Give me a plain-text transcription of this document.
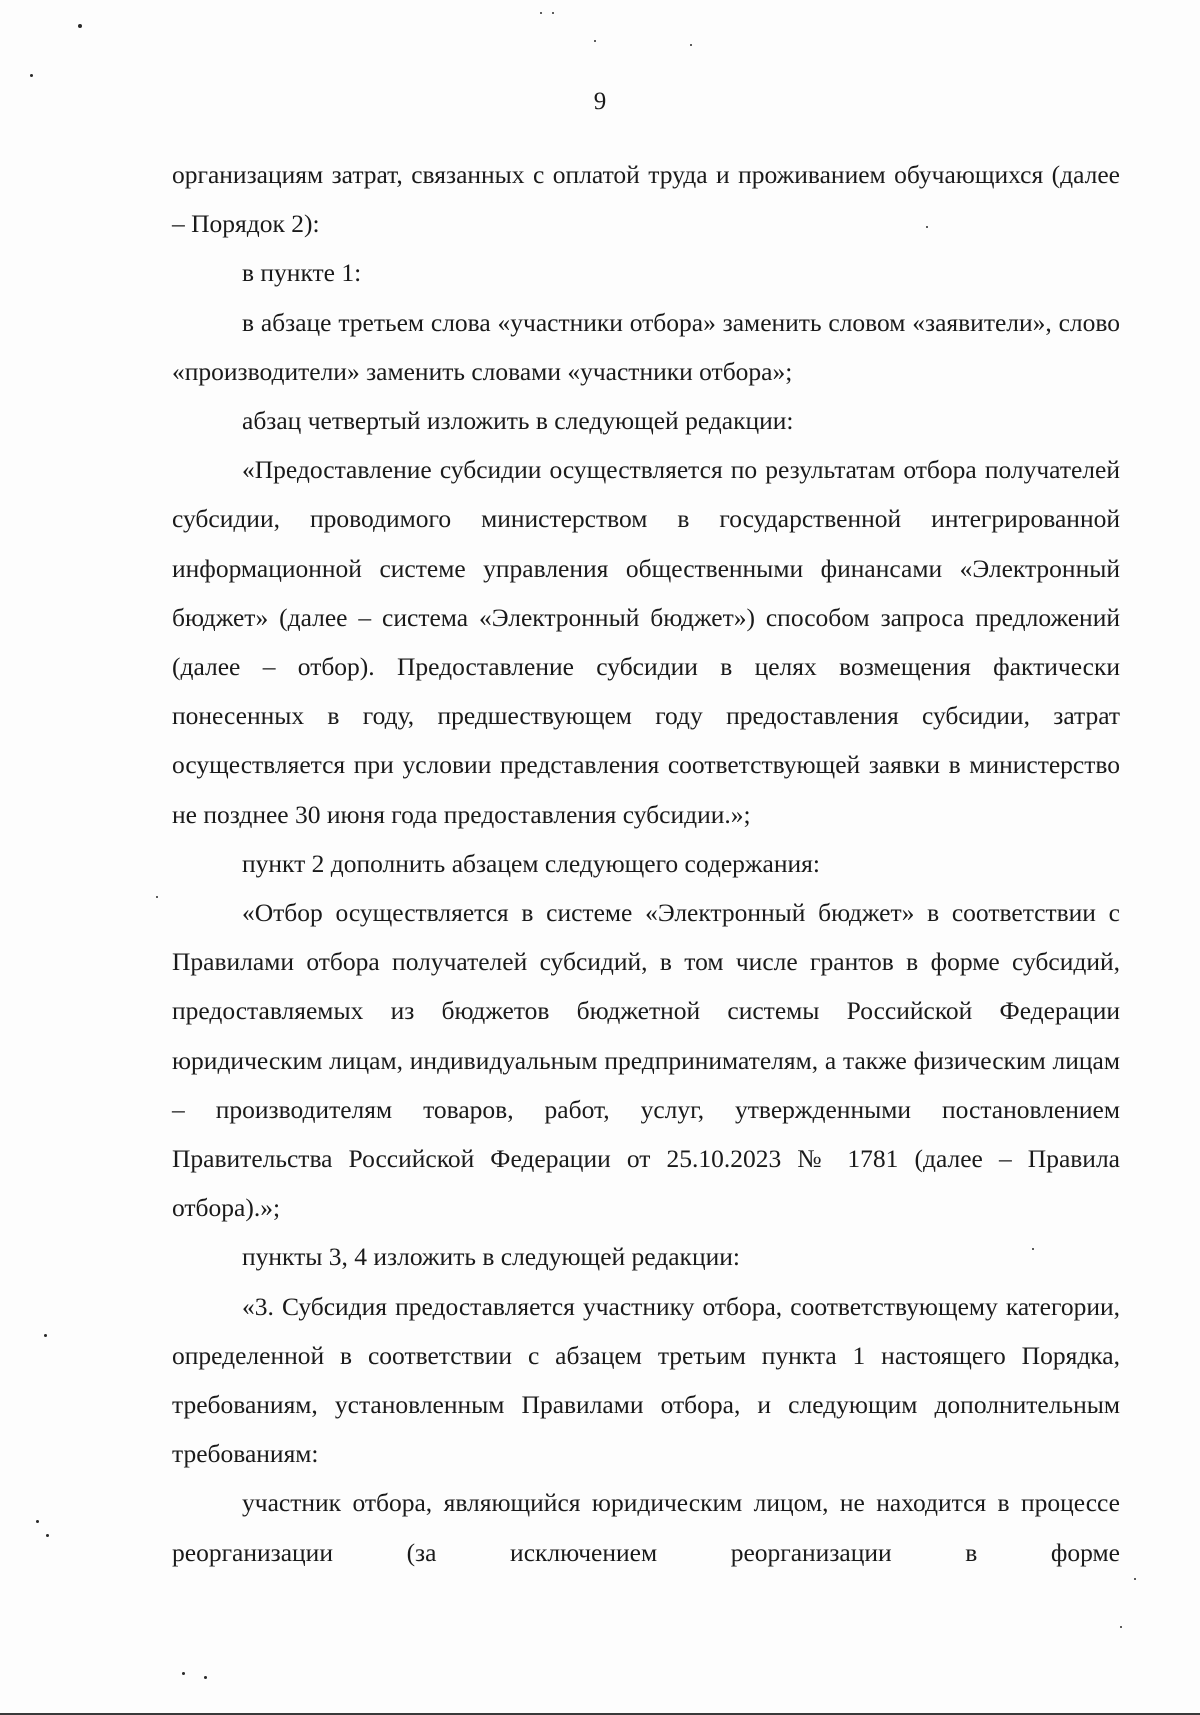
9

организациям затрат, связанных с оплатой труда и проживанием обучающихся (далее – Порядок 2):

в пункте 1:

в абзаце третьем слова «участники отбора» заменить словом «заявители», слово «производители» заменить словами «участники отбора»;

абзац четвертый изложить в следующей редакции:

«Предоставление субсидии осуществляется по результатам отбора получателей субсидии, проводимого министерством в государственной интегрированной информационной системе управления общественными финансами «Электронный бюджет» (далее – система «Электронный бюджет») способом запроса предложений (далее – отбор). Предоставление субсидии в целях возмещения фактически понесенных в году, предшествующем году предоставления субсидии, затрат осуществляется при условии представления соответствующей заявки в министерство не позднее 30 июня года предоставления субсидии.»;

пункт 2 дополнить абзацем следующего содержания:

«Отбор осуществляется в системе «Электронный бюджет» в соответствии с Правилами отбора получателей субсидий, в том числе грантов в форме субсидий, предоставляемых из бюджетов бюджетной системы Российской Федерации юридическим лицам, индивидуальным предпринимателям, а также физическим лицам – производителям товаров, работ, услуг, утвержденными постановлением Правительства Российской Федерации от 25.10.2023 № 1781 (далее – Правила отбора).»;

пункты 3, 4 изложить в следующей редакции:

«3. Субсидия предоставляется участнику отбора, соответствующему категории, определенной в соответствии с абзацем третьим пункта 1 настоящего Порядка, требованиям, установленным Правилами отбора, и следующим дополнительным требованиям:

участник отбора, являющийся юридическим лицом, не находится в процессе реорганизации (за исключением реорганизации в форме
